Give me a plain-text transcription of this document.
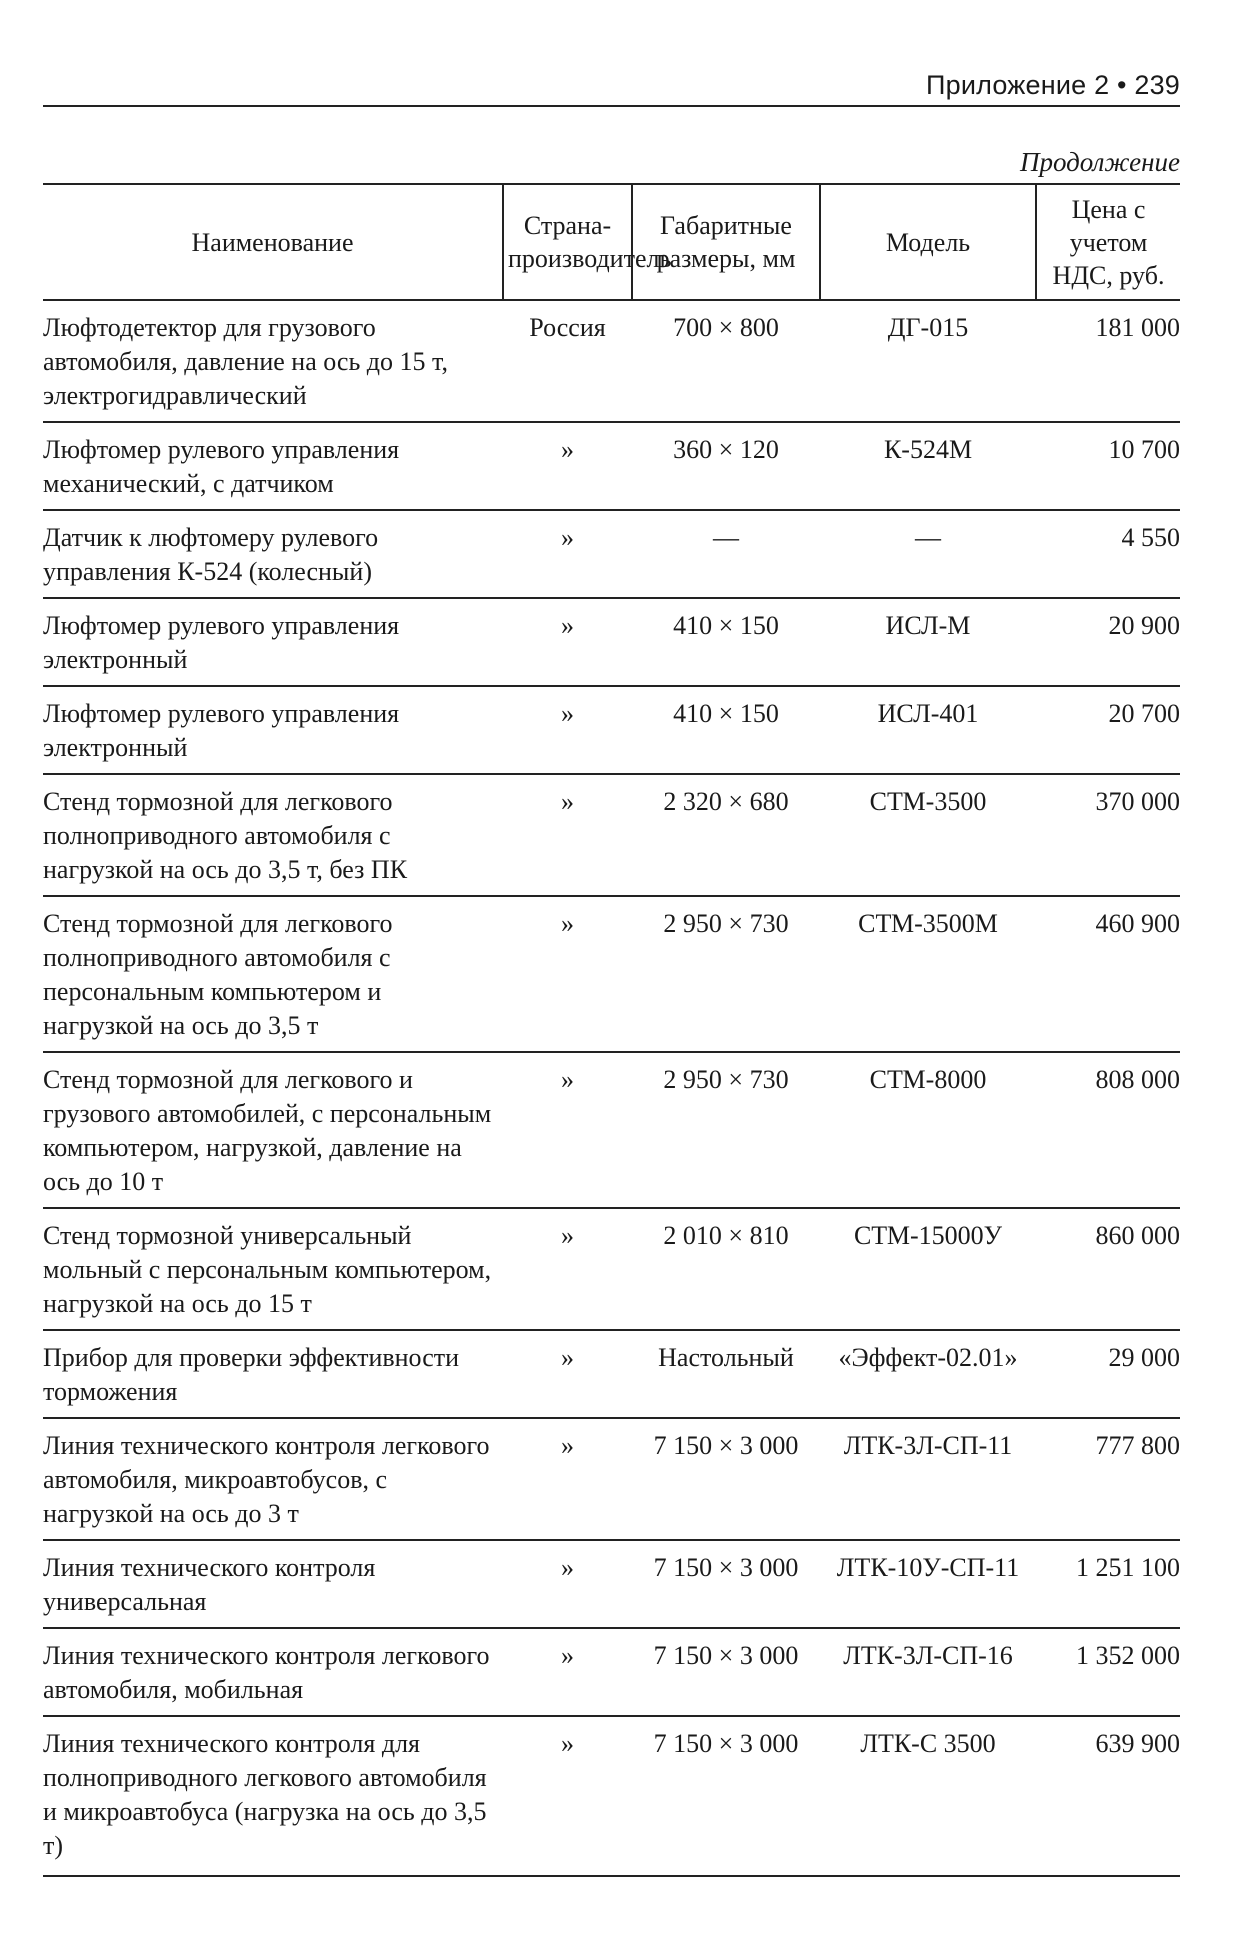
Приложение 2 • 239
Продолжение
Наименование	Страна-производитель	Габаритные размеры, мм	Модель	Цена с учетом НДС, руб.
Люфтодетектор для грузового автомобиля, давление на ось до 15 т, электрогидравлический	Россия	700 × 800	ДГ-015	181 000
Люфтомер рулевого управления механический, с датчиком	»	360 × 120	К-524М	10 700
Датчик к люфтомеру рулевого управления К-524 (колесный)	»	—	—	4 550
Люфтомер рулевого управления электронный	»	410 × 150	ИСЛ-М	20 900
Люфтомер рулевого управления электронный	»	410 × 150	ИСЛ-401	20 700
Стенд тормозной для легкового полноприводного автомобиля с нагрузкой на ось до 3,5 т, без ПК	»	2 320 × 680	СТМ-3500	370 000
Стенд тормозной для легкового полноприводного автомобиля с персональным компьютером и нагрузкой на ось до 3,5 т	»	2 950 × 730	СТМ-3500М	460 900
Стенд тормозной для легкового и грузового автомобилей, с персональным компьютером, нагрузкой, давление на ось до 10 т	»	2 950 × 730	СТМ-8000	808 000
Стенд тормозной универсальный мольный с персональным компьютером, нагрузкой на ось до 15 т	»	2 010 × 810	СТМ-15000У	860 000
Прибор для проверки эффективности торможения	»	Настольный	«Эффект-02.01»	29 000
Линия технического контроля легкового автомобиля, микроавтобусов, с нагрузкой на ось до 3 т	»	7 150 × 3 000	ЛТК-3Л-СП-11	777 800
Линия технического контроля универсальная	»	7 150 × 3 000	ЛТК-10У-СП-11	1 251 100
Линия технического контроля легкового автомобиля, мобильная	»	7 150 × 3 000	ЛТК-3Л-СП-16	1 352 000
Линия технического контроля для полноприводного легкового автомобиля и микроавтобуса (нагрузка на ось до 3,5 т)	»	7 150 × 3 000	ЛТК-С 3500	639 900
